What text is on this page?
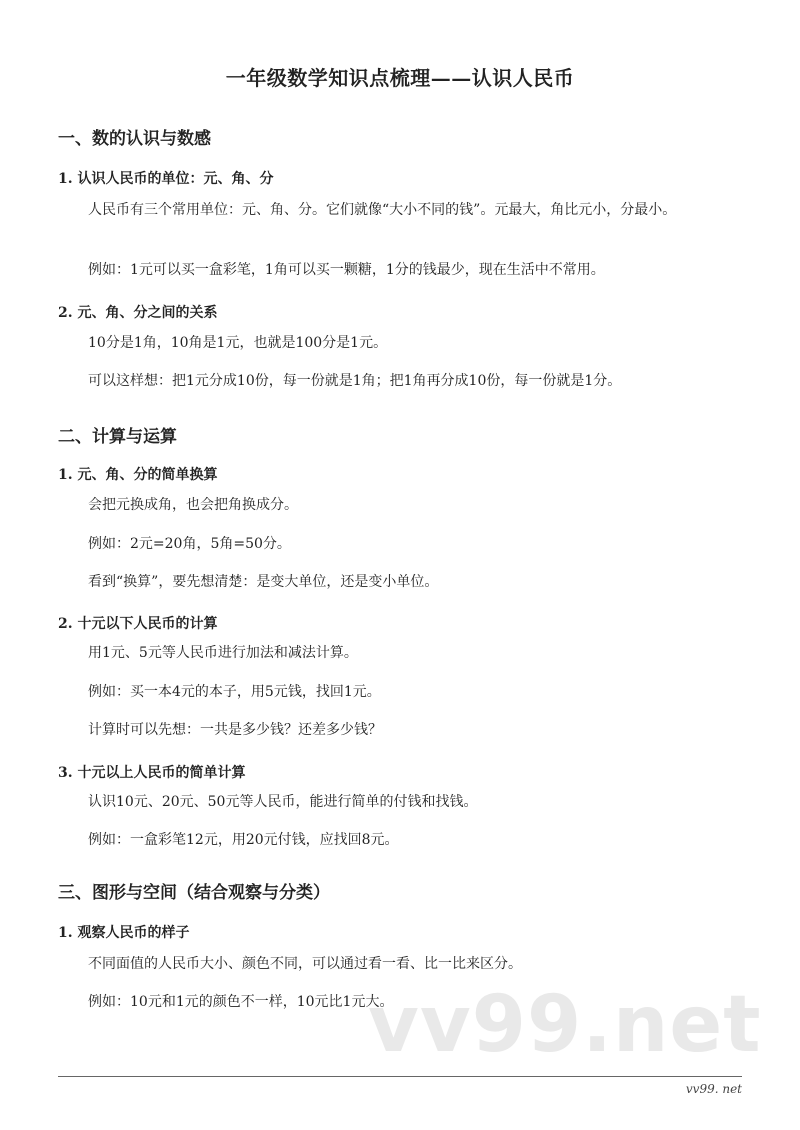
一年级数学知识点梳理——认识人民币
一、数的认识与数感
1. 认识人民币的单位：元、角、分
人民币有三个常用单位：元、角、分。它们就像“大小不同的钱”。元最大，角比元小，分最小。
例如：1元可以买一盒彩笔，1角可以买一颗糖，1分的钱最少，现在生活中不常用。
2. 元、角、分之间的关系
10分是1角，10角是1元，也就是100分是1元。
可以这样想：把1元分成10份，每一份就是1角；把1角再分成10份，每一份就是1分。
二、计算与运算
1. 元、角、分的简单换算
会把元换成角，也会把角换成分。
例如：2元=20角，5角=50分。
看到“换算”，要先想清楚：是变大单位，还是变小单位。
2. 十元以下人民币的计算
用1元、5元等人民币进行加法和减法计算。
例如：买一本4元的本子，用5元钱，找回1元。
计算时可以先想：一共是多少钱？还差多少钱？
3. 十元以上人民币的简单计算
认识10元、20元、50元等人民币，能进行简单的付钱和找钱。
例如：一盒彩笔12元，用20元付钱，应找回8元。
三、图形与空间（结合观察与分类）
1. 观察人民币的样子
不同面值的人民币大小、颜色不同，可以通过看一看、比一比来区分。
例如：10元和1元的颜色不一样，10元比1元大。
vv99.net
vv99. net
